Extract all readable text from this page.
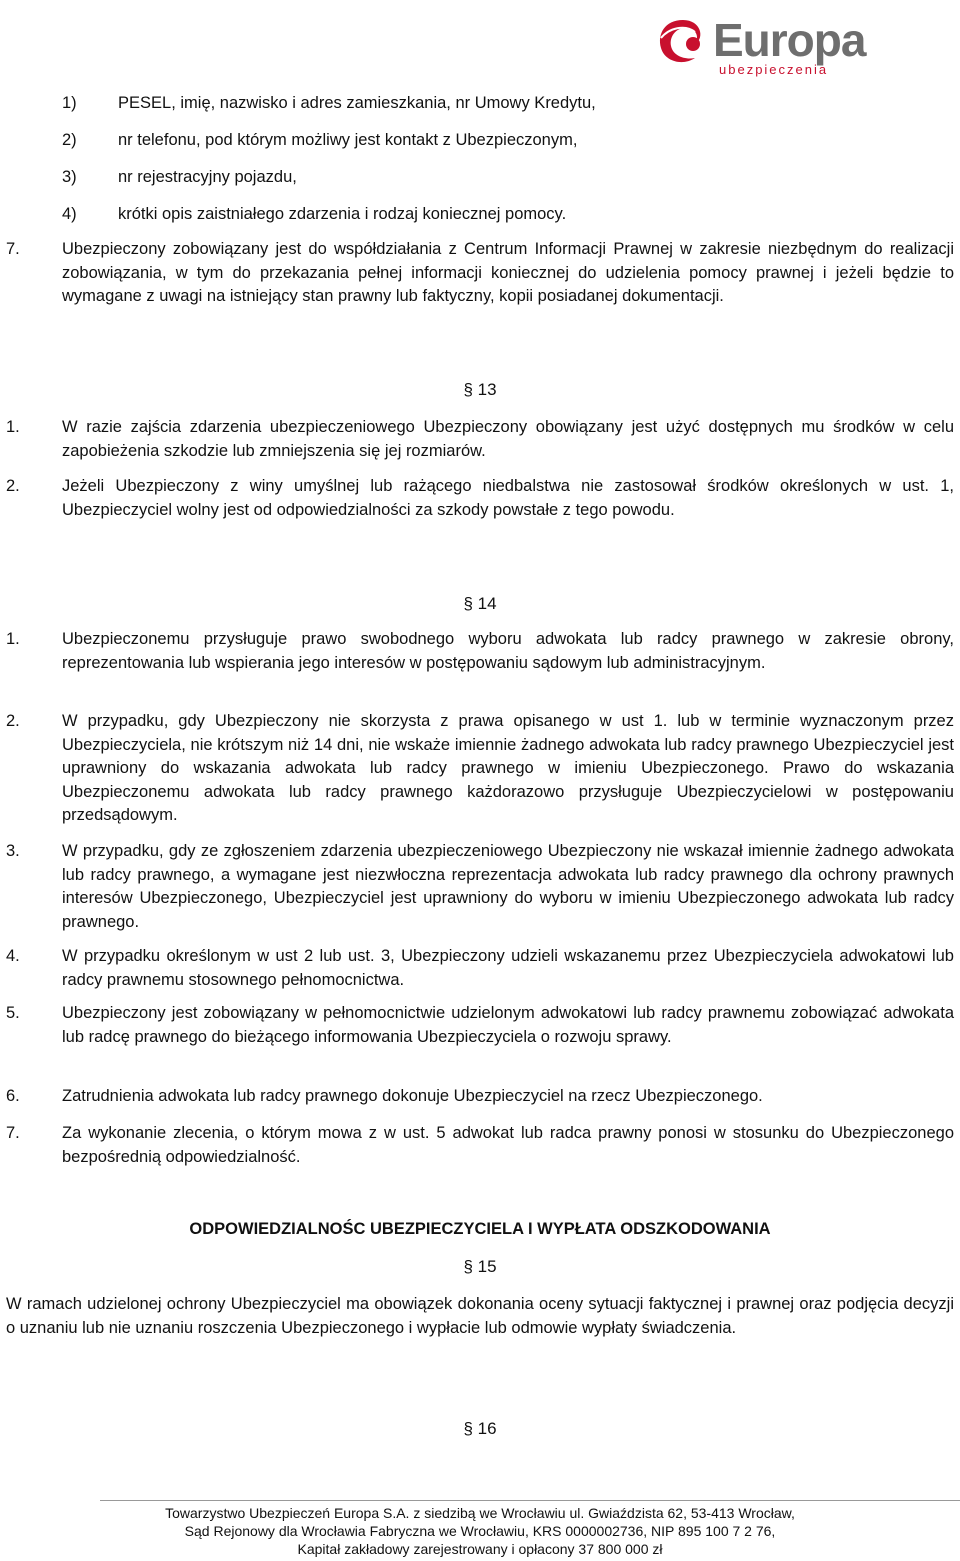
Europa
ubezpieczenia
1)	PESEL, imię, nazwisko i adres zamieszkania, nr Umowy Kredytu,
2)	nr telefonu, pod którym możliwy jest kontakt z Ubezpieczonym,
3)	nr rejestracyjny pojazdu,
4)	krótki opis zaistniałego zdarzenia i rodzaj koniecznej pomocy.
7.	Ubezpieczony zobowiązany jest do współdziałania z Centrum Informacji Prawnej w zakresie niezbędnym do realizacji zobowiązania, w tym do przekazania pełnej informacji koniecznej do udzielenia pomocy prawnej i jeżeli będzie to wymagane z uwagi na istniejący stan prawny lub faktyczny, kopii posiadanej dokumentacji.
§ 13
1.	W razie zajścia zdarzenia ubezpieczeniowego Ubezpieczony obowiązany jest użyć dostępnych mu środków w celu zapobieżenia szkodzie lub zmniejszenia się jej rozmiarów.
2.	Jeżeli Ubezpieczony z winy umyślnej lub rażącego niedbalstwa nie zastosował środków określonych w ust. 1, Ubezpieczyciel wolny jest od odpowiedzialności za szkody powstałe z tego powodu.
§ 14
1.	Ubezpieczonemu przysługuje prawo swobodnego wyboru adwokata lub radcy prawnego w zakresie obrony, reprezentowania lub wspierania jego interesów w postępowaniu sądowym lub administracyjnym.
2.	W przypadku, gdy Ubezpieczony nie skorzysta z prawa opisanego w ust 1. lub w terminie wyznaczonym przez Ubezpieczyciela, nie krótszym niż 14 dni, nie wskaże imiennie żadnego adwokata lub radcy prawnego Ubezpieczyciel jest uprawniony do wskazania adwokata lub radcy prawnego w imieniu Ubezpieczonego. Prawo do wskazania Ubezpieczonemu adwokata lub radcy prawnego każdorazowo przysługuje Ubezpieczycielowi w postępowaniu przedsądowym.
3.	W przypadku, gdy ze zgłoszeniem zdarzenia ubezpieczeniowego Ubezpieczony nie wskazał imiennie żadnego adwokata lub radcy prawnego, a wymagane jest niezwłoczna reprezentacja adwokata lub radcy prawnego dla ochrony prawnych interesów Ubezpieczonego, Ubezpieczyciel jest uprawniony do wyboru w imieniu Ubezpieczonego adwokata lub radcy prawnego.
4.	W przypadku określonym w ust 2 lub ust. 3, Ubezpieczony udzieli wskazanemu przez Ubezpieczyciela adwokatowi lub radcy prawnemu stosownego pełnomocnictwa.
5.	Ubezpieczony jest zobowiązany w pełnomocnictwie udzielonym adwokatowi lub radcy prawnemu zobowiązać adwokata lub radcę prawnego do bieżącego informowania Ubezpieczyciela o rozwoju sprawy.
6.	Zatrudnienia adwokata lub radcy prawnego dokonuje Ubezpieczyciel na rzecz Ubezpieczonego.
7.	Za wykonanie zlecenia, o którym mowa z w ust. 5 adwokat lub radca prawny ponosi w stosunku do Ubezpieczonego bezpośrednią odpowiedzialność.
ODPOWIEDZIALNOŚC UBEZPIECZYCIELA I WYPŁATA ODSZKODOWANIA
§ 15
W ramach udzielonej ochrony Ubezpieczyciel ma obowiązek dokonania oceny sytuacji faktycznej i prawnej oraz podjęcia decyzji o uznaniu lub nie uznaniu roszczenia Ubezpieczonego i wypłacie lub odmowie wypłaty świadczenia.
§ 16
Towarzystwo Ubezpieczeń Europa S.A. z siedzibą we Wrocławiu ul. Gwiaździsta 62, 53-413 Wrocław,
Sąd Rejonowy dla Wrocławia Fabryczna we Wrocławiu, KRS 0000002736, NIP 895 100 7 2 76,
Kapitał zakładowy zarejestrowany i opłacony 37 800 000 zł
